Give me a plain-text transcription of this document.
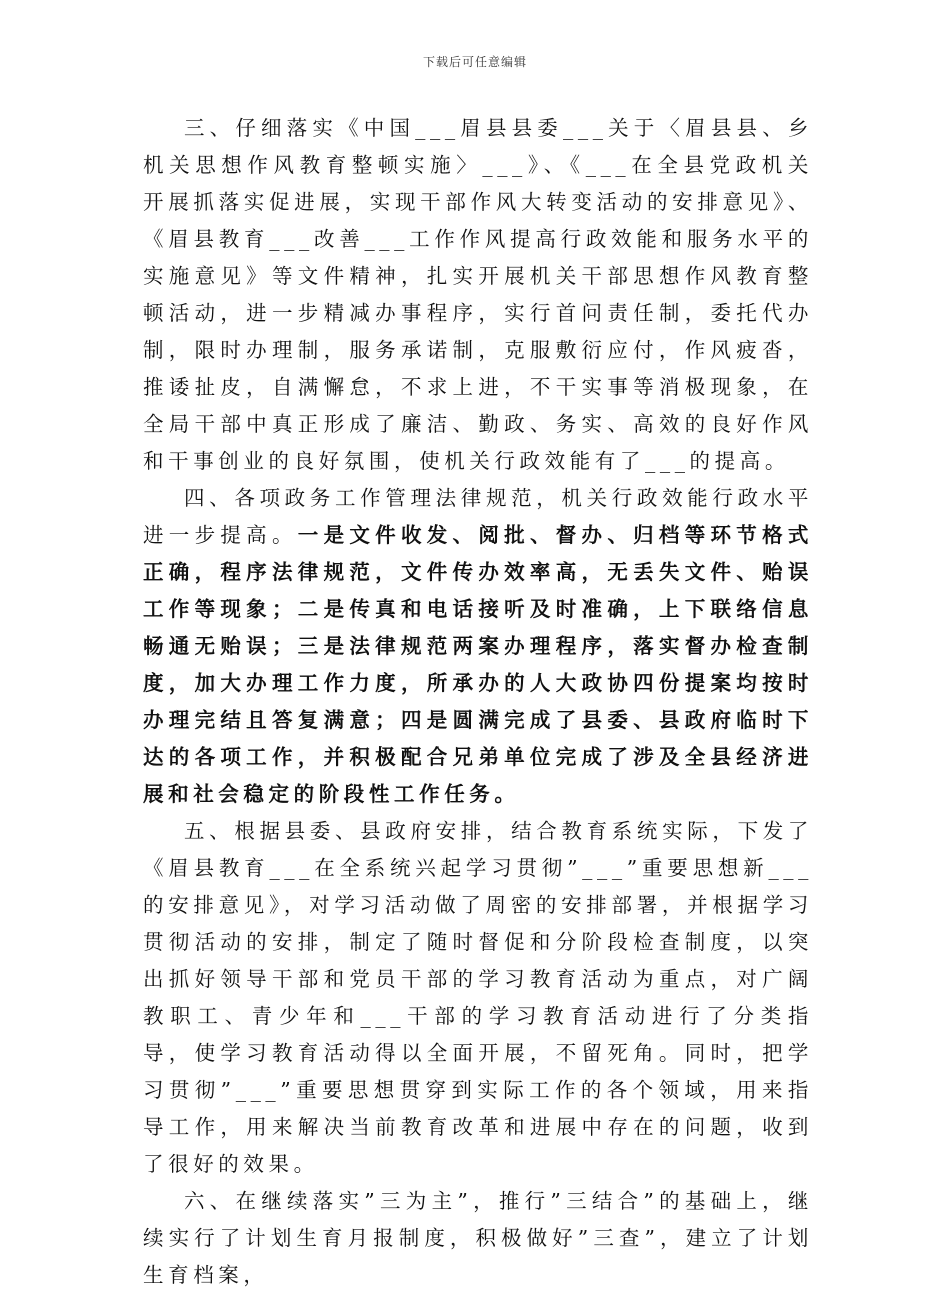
下载后可任意编辑

三、仔细落实《中国___眉县县委___关于〈眉县县、乡机关思想作风教育整顿实施〉___》、《___在全县党政机关开展抓落实促进展，实现干部作风大转变活动的安排意见》、《眉县教育___改善___工作作风提高行政效能和服务水平的实施意见》等文件精神，扎实开展机关干部思想作风教育整顿活动，进一步精减办事程序，实行首问责任制，委托代办制，限时办理制，服务承诺制，克服敷衍应付，作风疲沓，推诿扯皮，自满懈怠，不求上进，不干实事等消极现象，在全局干部中真正形成了廉洁、勤政、务实、高效的良好作风和干事创业的良好氛围，使机关行政效能有了___的提高。

四、各项政务工作管理法律规范，机关行政效能行政水平进一步提高。一是文件收发、阅批、督办、归档等环节格式正确，程序法律规范，文件传办效率高，无丢失文件、贻误工作等现象；二是传真和电话接听及时准确，上下联络信息畅通无贻误；三是法律规范两案办理程序，落实督办检查制度，加大办理工作力度，所承办的人大政协四份提案均按时办理完结且答复满意；四是圆满完成了县委、县政府临时下达的各项工作，并积极配合兄弟单位完成了涉及全县经济进展和社会稳定的阶段性工作任务。

五、根据县委、县政府安排，结合教育系统实际，下发了《眉县教育___在全系统兴起学习贯彻”___”重要思想新___的安排意见》，对学习活动做了周密的安排部署，并根据学习贯彻活动的安排，制定了随时督促和分阶段检查制度，以突出抓好领导干部和党员干部的学习教育活动为重点，对广阔教职工、青少年和___干部的学习教育活动进行了分类指导，使学习教育活动得以全面开展，不留死角。同时，把学习贯彻”___”重要思想贯穿到实际工作的各个领域，用来指导工作，用来解决当前教育改革和进展中存在的问题，收到了很好的效果。

六、在继续落实”三为主”，推行”三结合”的基础上，继续实行了计划生育月报制度，积极做好”三查”，建立了计划生育档案，
